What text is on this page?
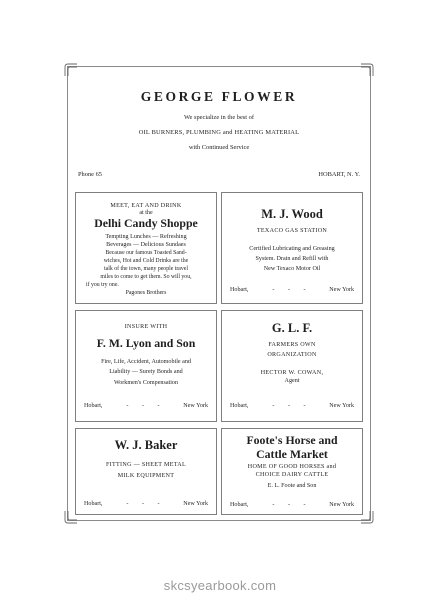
GEORGE FLOWER
We specialize in the best of
OIL BURNERS, PLUMBING and HEATING MATERIAL
with Continued Service
Phone 65	HOBART, N. Y.
MEET, EAT AND DRINK
at the
Delhi Candy Shoppe
Tempting Lunches — Refreshing
Beverages — Delicious Sundaes
Because our famous Toasted Sand-
wiches, Hot and Cold Drinks are the
talk of the town, many people travel
miles to come to get them. So will you,
if you try one.
Pagones Brothers
M. J. Wood
TEXACO GAS STATION
Certified Lubricating and Greasing
System. Drain and Refill with
New Texaco Motor Oil
Hobart,	- - -	New York
INSURE WITH
F. M. Lyon and Son
Fire, Life, Accident, Automobile and
Liability — Surety Bonds and
Workmen's Compensation
Hobart,	- - -	New York
G. L. F.
FARMERS OWN
ORGANIZATION
HECTOR W. COWAN,
Agent
Hobart,	- - -	New York
W. J. Baker
FITTING — SHEET METAL
MILK EQUIPMENT
Hobart,	- - -	New York
Foote's Horse and
Cattle Market
HOME OF GOOD HORSES and
CHOICE DAIRY CATTLE
E. L. Foote and Son
Hobart,	- - -	New York
skcsyearbook.com
